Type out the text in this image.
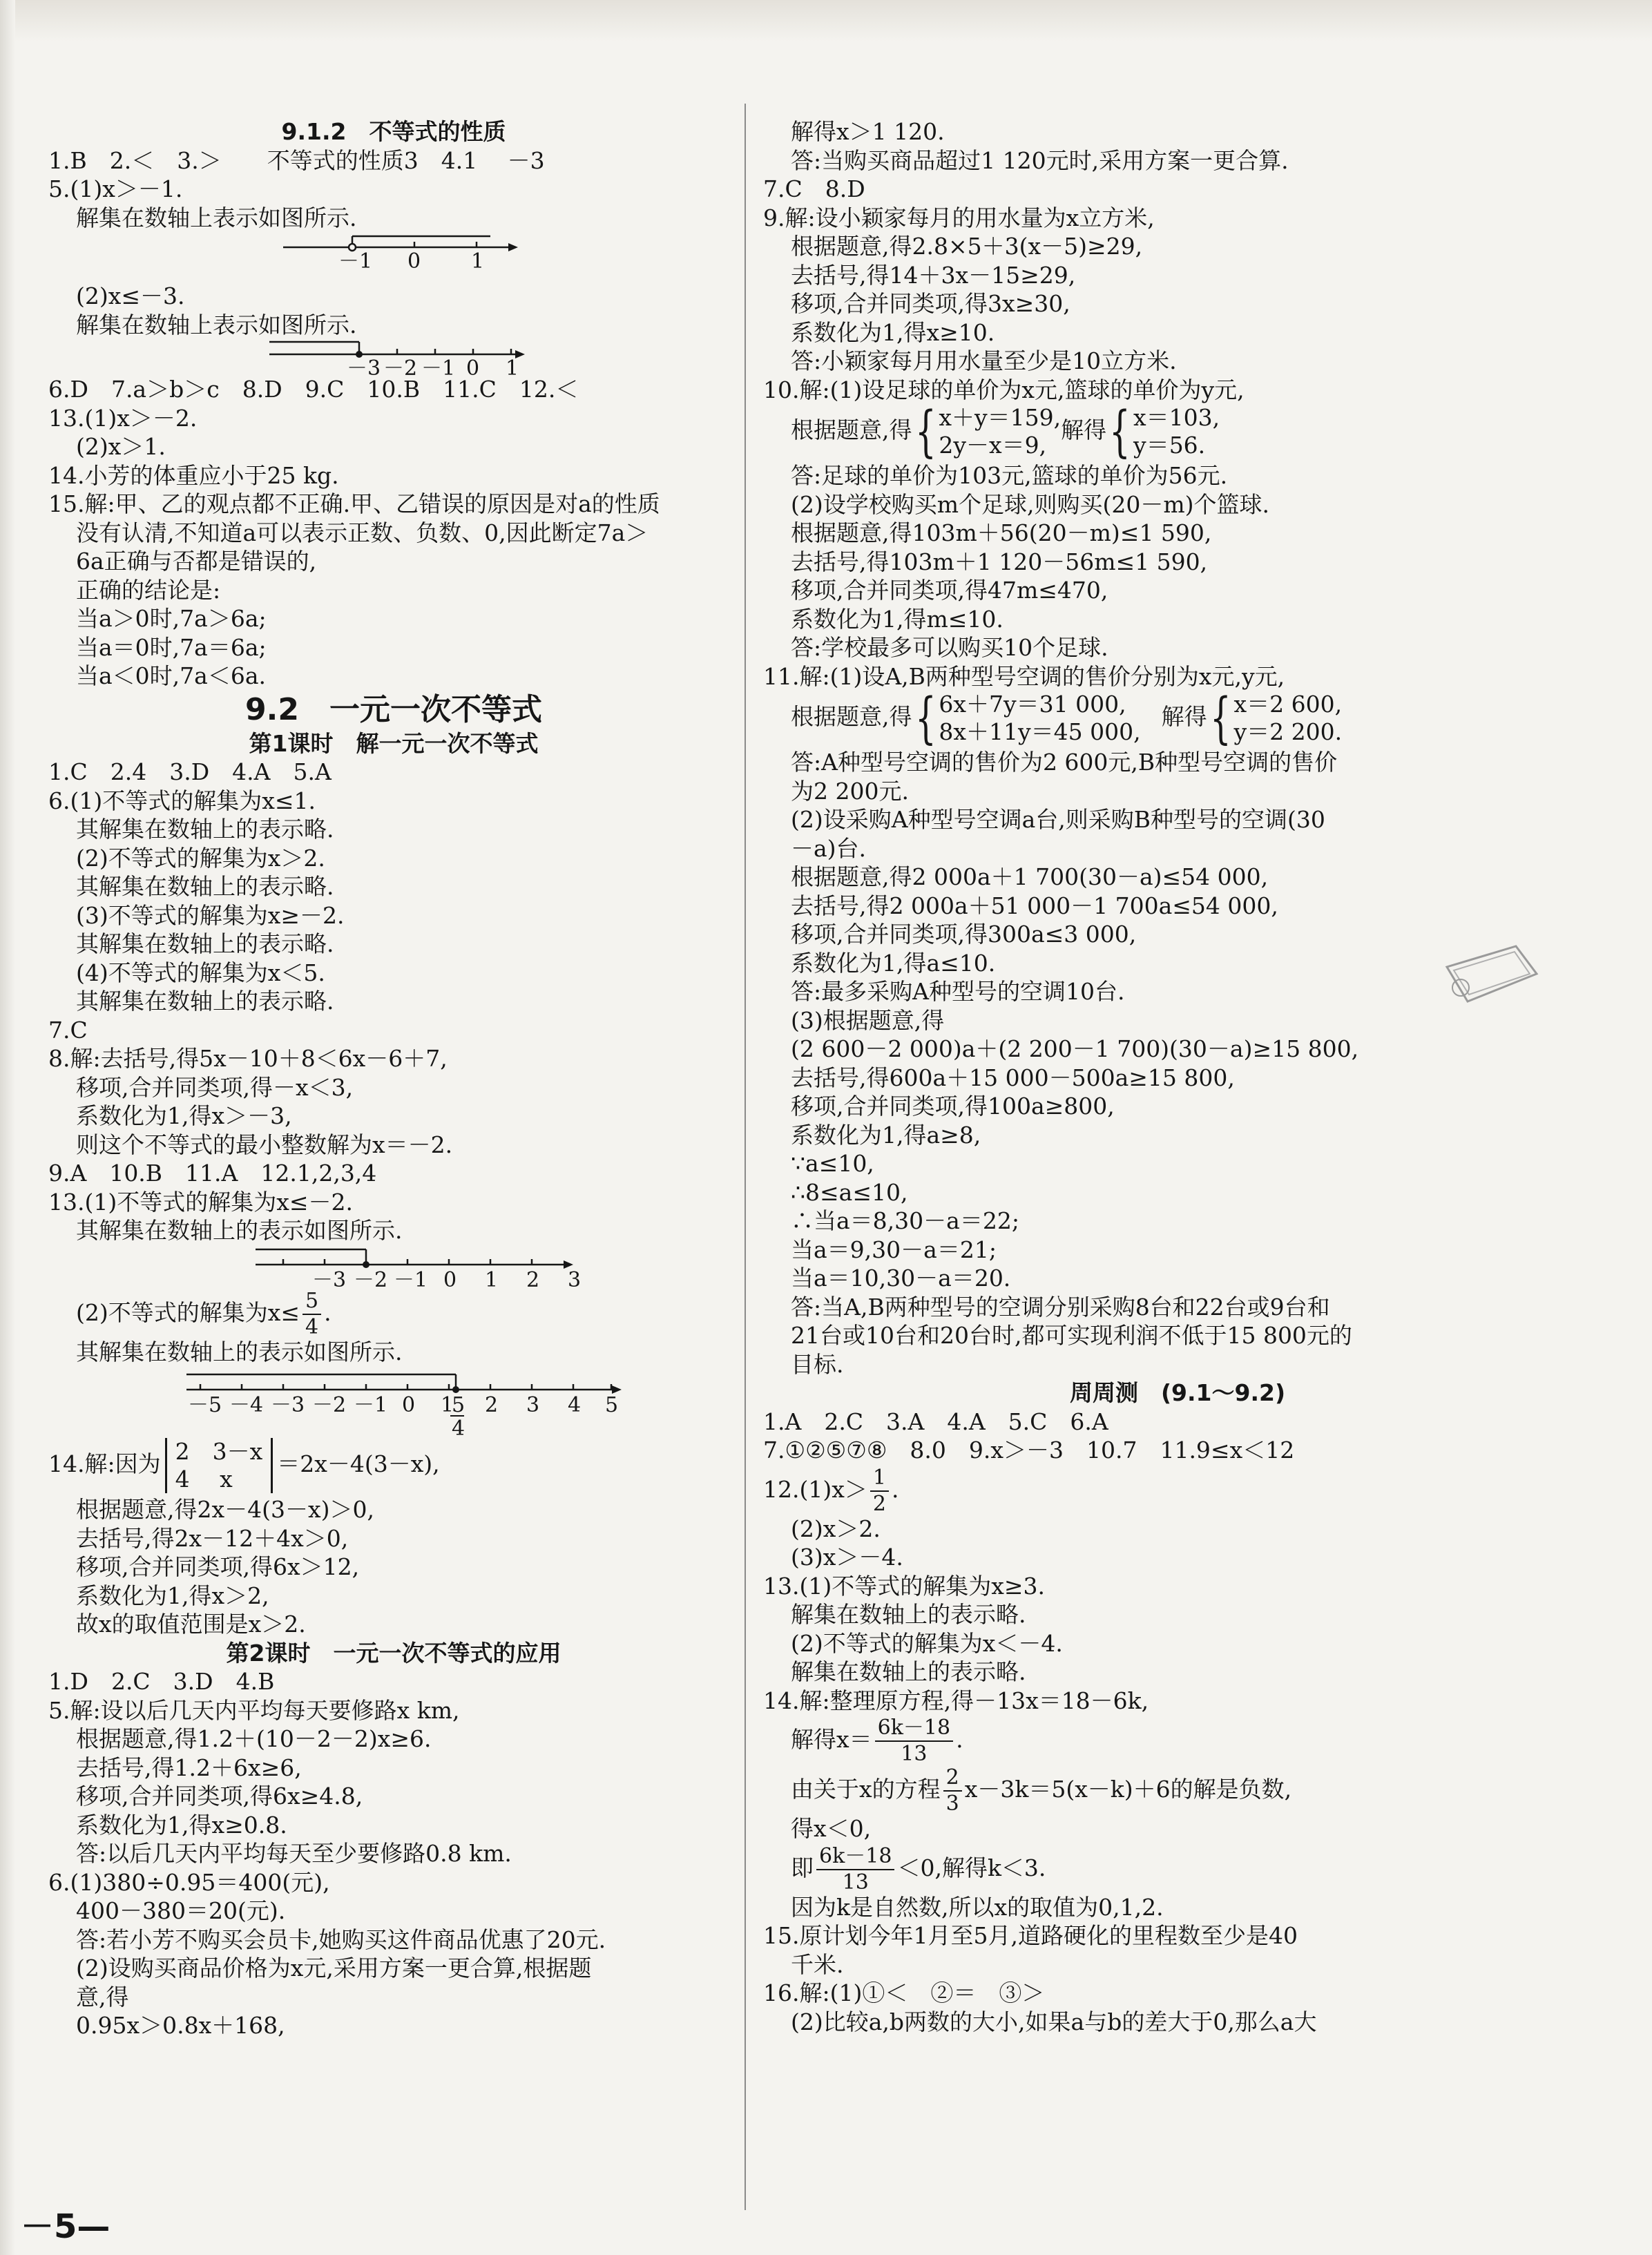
9.1.2　不等式的性质
1.B　2.＜　3.＞　　不等式的性质3　4.1　 －3
5.(1)x＞－1.
解集在数轴上表示如图所示.
－1 0 1
(2)x≤－3.
解集在数轴上表示如图所示.
－3 －2 －1 0 1
6.D　7.a＞b＞c　8.D　9.C　10.B　11.C　12.＜
13.(1)x＞－2.
(2)x＞1.
14.小芳的体重应小于25 kg.
15.解:甲、乙的观点都不正确.甲、乙错误的原因是对a的性质
没有认清,不知道a可以表示正数、负数、0,因此断定7a＞
6a正确与否都是错误的,
正确的结论是:
当a＞0时,7a＞6a;
当a＝0时,7a＝6a;
当a＜0时,7a＜6a.
9.2　一元一次不等式
第1课时　解一元一次不等式
1.C　2.4　3.D　4.A　5.A
6.(1)不等式的解集为x≤1.
其解集在数轴上的表示略.
(2)不等式的解集为x＞2.
其解集在数轴上的表示略.
(3)不等式的解集为x≥－2.
其解集在数轴上的表示略.
(4)不等式的解集为x＜5.
其解集在数轴上的表示略.
7.C
8.解:去括号,得5x－10＋8＜6x－6＋7,
移项,合并同类项,得－x＜3,
系数化为1,得x＞－3,
则这个不等式的最小整数解为x＝－2.
9.A　10.B　11.A　12.1,2,3,4
13.(1)不等式的解集为x≤－2.
其解集在数轴上的表示如图所示.
－3 －2 －1 0 1 2 3
(2)不等式的解集为$x\le \frac{5}{4}$ .
其解集在数轴上的表示如图所示.
－5 －4 －3 －2 －1 0 1 2 3 4 5
5
4
14.解:因为 2　3－x
4　 x
＝2x－4(3－x),
根据题意,得2x－4(3－x)＞0,
去括号,得2x－12＋4x＞0,
移项,合并同类项,得6x＞12,
系数化为1,得x＞2,
故x的取值范围是x＞2.
第2课时　一元一次不等式的应用
1.D　2.C　3.D　4.B
5.解:设以后几天内平均每天要修路x km,
根据题意,得1.2＋(10－2－2)x≥6.
去括号,得1.2＋6x≥6,
移项,合并同类项,得6x≥4.8,
系数化为1,得x≥0.8.
答:以后几天内平均每天至少要修路0.8 km.
6.(1)380÷0.95＝400(元),
400－380＝20(元).
答:若小芳不购买会员卡,她购买这件商品优惠了20元.
(2)设购买商品价格为x元,采用方案一更合算,根据题
意,得
0.95x＞0.8x＋168,
解得x＞1 120.
答:当购买商品超过1 120元时,采用方案一更合算.
7.C　8.D
9.解:设小颖家每月的用水量为x立方米,
根据题意,得2.8×5＋3(x－5)≥29,
去括号,得14＋3x－15≥29,
移项,合并同类项,得3x≥30,
系数化为1,得x≥10.
答:小颖家每月用水量至少是10立方米.
10.解:(1)设足球的单价为x元,篮球的单价为y元,
根据题意,得{ x＋y＝159,
2y－x＝9,
解得{ x＝103,
y＝56.
答:足球的单价为103元,篮球的单价为56元.
(2)设学校购买m个足球,则购买(20－m)个篮球.
根据题意,得103m＋56(20－m)≤1 590,
去括号,得103m＋1 120－56m≤1 590,
移项,合并同类项,得47m≤470,
系数化为1,得m≤10.
答:学校最多可以购买10个足球.
11.解:(1)设A,B两种型号空调的售价分别为x元,y元,
根据题意,得{ 6x＋7y＝31 000,
8x＋11y＝45 000,
解得{ x＝2 600,
y＝2 200.
答:A种型号空调的售价为2 600元,B种型号空调的售价
为2 200元.
(2)设采购A种型号空调a台,则采购B种型号的空调(30
－a)台.
根据题意,得2 000a＋1 700(30－a)≤54 000,
去括号,得2 000a＋51 000－1 700a≤54 000,
移项,合并同类项,得300a≤3 000,
系数化为1,得a≤10.
答:最多采购A种型号的空调10台.
(3)根据题意,得
(2 600－2 000)a＋(2 200－1 700)(30－a)≥15 800,
去括号,得600a＋15 000－500a≥15 800,
移项,合并同类项,得100a≥800,
系数化为1,得a≥8,
∵a≤10,
∴8≤a≤10,
∴当a＝8,30－a＝22;
当a＝9,30－a＝21;
当a＝10,30－a＝20.
答:当A,B两种型号的空调分别采购8台和22台或9台和
21台或10台和20台时,都可实现利润不低于15 800元的
目标.
周周测　(9.1～9.2)
1.A　2.C　3.A　4.A　5.C　6.A
7.①②⑤⑦⑧　8.0　9.x＞－3　10.7　11.9≤x＜12
$12.(1)x> \frac{1}{2}$ .
(2)x＞2.
(3)x＞－4.
13.(1)不等式的解集为x≥3.
解集在数轴上的表示略.
(2)不等式的解集为x＜－4.
解集在数轴上的表示略.
14.解:整理原方程,得－13x＝18－6k,
解得$x= \frac{6k-18}{13}$ .
由关于x的方程 $\frac{2}{3} x-3k=5(x-k)+6$的解是负数,
得x＜0,
即 $\frac{6k-18}{13} <0$,解得k＜3.
因为k是自然数,所以x的取值为0,1,2.
15.原计划今年1月至5月,道路硬化的里程数至少是40
千米.
16.解:(1)①＜　②＝　③＞
(2)比较a,b两数的大小,如果a与b的差大于0,那么a大
－5—
